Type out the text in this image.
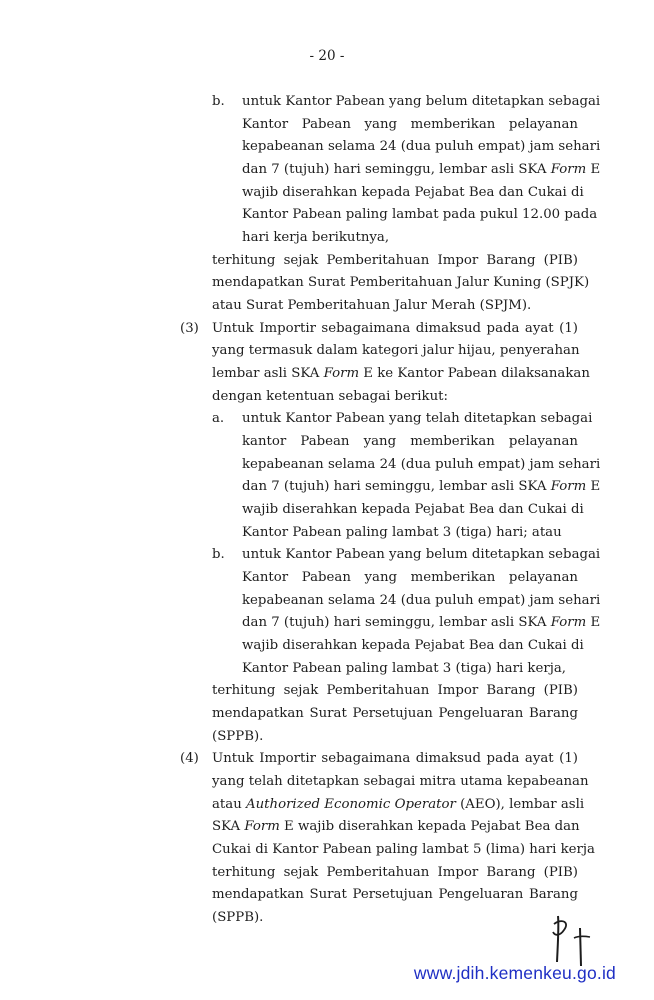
- 20 -
b. untuk Kantor Pabean yang belum ditetapkan sebagai
Kantor Pabean yang memberikan pelayanan
kepabeanan selama 24 (dua puluh empat) jam sehari
dan 7 (tujuh) hari seminggu, lembar asli SKA Form E
wajib diserahkan kepada Pejabat Bea dan Cukai di
Kantor Pabean paling lambat pada pukul 12.00 pada
hari kerja berikutnya,
terhitung sejak Pemberitahuan Impor Barang (PIB)
mendapatkan Surat Pemberitahuan Jalur Kuning (SPJK)
atau Surat Pemberitahuan Jalur Merah (SPJM).
(3) Untuk Importir sebagaimana dimaksud pada ayat (1)
yang termasuk dalam kategori jalur hijau, penyerahan
lembar asli SKA Form E ke Kantor Pabean dilaksanakan
dengan ketentuan sebagai berikut:
a. untuk Kantor Pabean yang telah ditetapkan sebagai
kantor Pabean yang memberikan pelayanan
kepabeanan selama 24 (dua puluh empat) jam sehari
dan 7 (tujuh) hari seminggu, lembar asli SKA Form E
wajib diserahkan kepada Pejabat Bea dan Cukai di
Kantor Pabean paling lambat 3 (tiga) hari; atau
b. untuk Kantor Pabean yang belum ditetapkan sebagai
Kantor Pabean yang memberikan pelayanan
kepabeanan selama 24 (dua puluh empat) jam sehari
dan 7 (tujuh) hari seminggu, lembar asli SKA Form E
wajib diserahkan kepada Pejabat Bea dan Cukai di
Kantor Pabean paling lambat 3 (tiga) hari kerja,
terhitung sejak Pemberitahuan Impor Barang (PIB)
mendapatkan Surat Persetujuan Pengeluaran Barang
(SPPB).
(4) Untuk Importir sebagaimana dimaksud pada ayat (1)
yang telah ditetapkan sebagai mitra utama kepabeanan
atau Authorized Economic Operator (AEO), lembar asli
SKA Form E wajib diserahkan kepada Pejabat Bea dan
Cukai di Kantor Pabean paling lambat 5 (lima) hari kerja
terhitung sejak Pemberitahuan Impor Barang (PIB)
mendapatkan Surat Persetujuan Pengeluaran Barang
(SPPB).
www.jdih.kemenkeu.go.id
